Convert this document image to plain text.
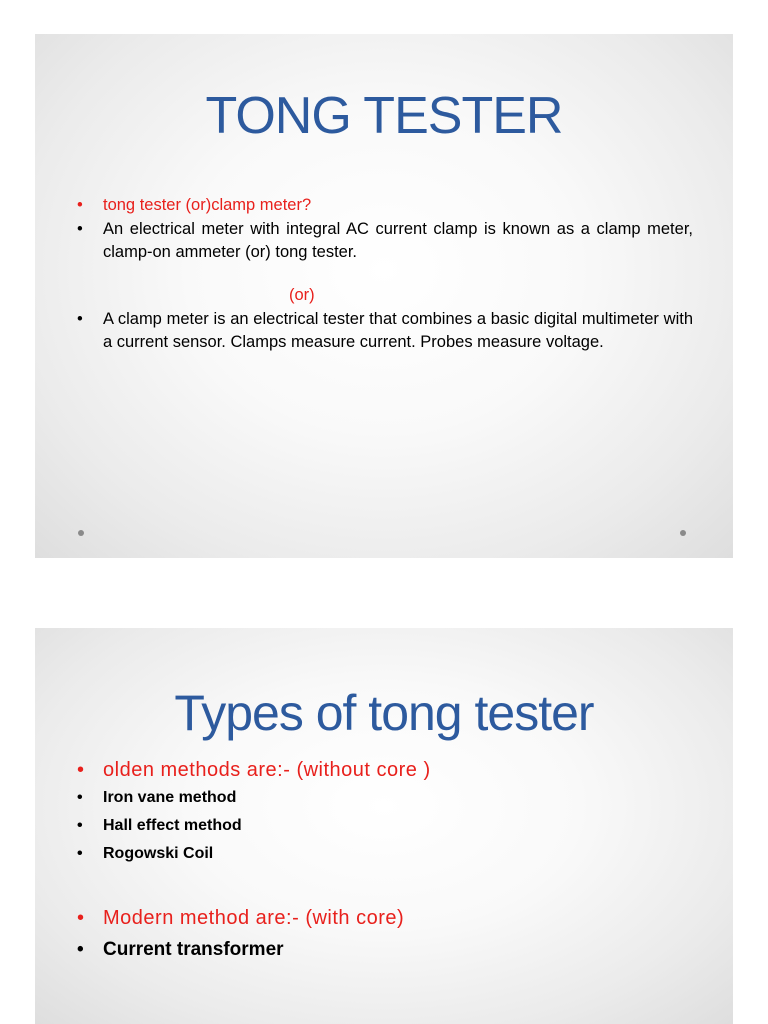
TONG TESTER
• tong tester (or)clamp meter?
• An electrical meter with integral AC current clamp is known as a clamp meter, clamp-on ammeter (or) tong tester.
(or)
• A clamp meter is an electrical tester that combines a basic digital multimeter with a current sensor. Clamps measure current. Probes measure voltage.
Types of tong tester
• olden methods are:- (without core )
• Iron vane method
• Hall effect method
• Rogowski Coil
• Modern method are:- (with core)
• Current transformer
